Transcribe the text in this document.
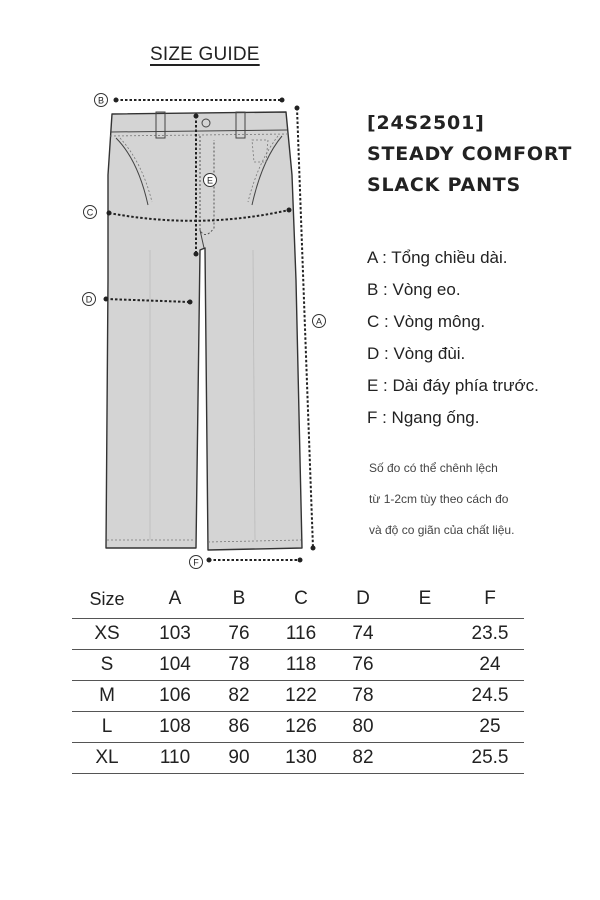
SIZE GUIDE
B
A
C
E
D
F
[24S2501]
STEADY COMFORT
SLACK PANTS
A : Tổng chiều dài.
B : Vòng eo.
C : Vòng mông.
D : Vòng đùi.
E : Dài đáy phía trước.
F : Ngang ống.
Số đo có thể chênh lệch
từ 1-2cm tùy theo cách đo
và độ co giãn của chất liệu.
Size	A	B	C	D	E	F
XS	103	76	116	74		23.5
S	104	78	118	76		24
M	106	82	122	78		24.5
L	108	86	126	80		25
XL	110	90	130	82		25.5
